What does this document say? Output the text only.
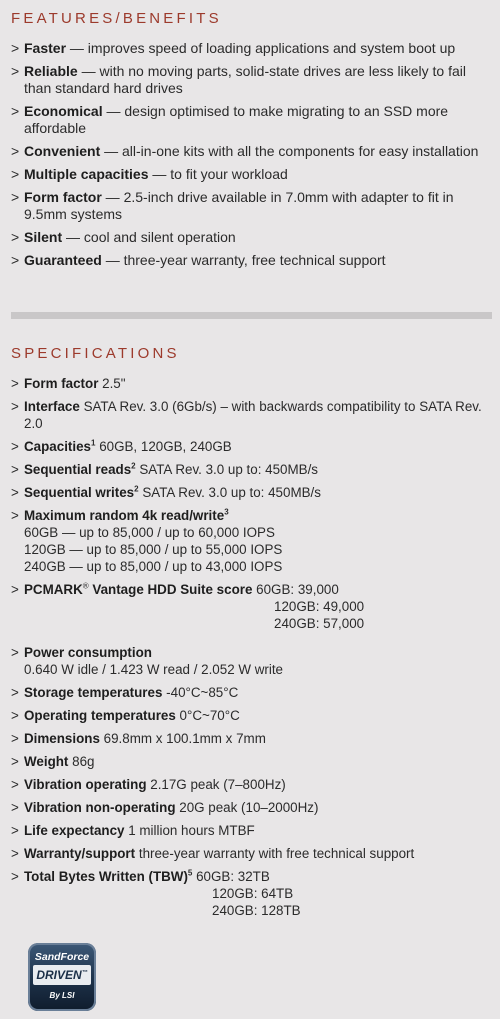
FEATURES/BENEFITS
> Faster — improves speed of loading applications and system boot up
> Reliable — with no moving parts, solid-state drives are less likely to fail than standard hard drives
> Economical — design optimised to make migrating to an SSD more affordable
> Convenient — all-in-one kits with all the components for easy installation
> Multiple capacities — to fit your workload
> Form factor — 2.5-inch drive available in 7.0mm with adapter to fit in 9.5mm systems
> Silent — cool and silent operation
> Guaranteed — three-year warranty, free technical support
SPECIFICATIONS
> Form factor 2.5"
> Interface SATA Rev. 3.0 (6Gb/s) – with backwards compatibility to SATA Rev. 2.0
> Capacities$^1$ 60GB, 120GB, 240GB
> Sequential reads$^2$ SATA Rev. 3.0 up to: 450MB/s
> Sequential writes$^2$ SATA Rev. 3.0 up to: 450MB/s
> Maximum random 4k read/write$^3$
60GB — up to 85,000 / up to 60,000 IOPS
120GB — up to 85,000 / up to 55,000 IOPS
240GB — up to 85,000 / up to 43,000 IOPS
> PCMARK® Vantage HDD Suite score 60GB: 39,000
120GB: 49,000
240GB: 57,000
> Power consumption
0.640 W idle / 1.423 W read / 2.052 W write
> Storage temperatures -40°C~85°C
> Operating temperatures 0°C~70°C
> Dimensions 69.8mm x 100.1mm x 7mm
> Weight 86g
> Vibration operating 2.17G peak (7–800Hz)
> Vibration non-operating 20G peak (10–2000Hz)
> Life expectancy 1 million hours MTBF
> Warranty/support three-year warranty with free technical support
> Total Bytes Written (TBW)$^5$ 60GB: 32TB
120GB: 64TB
240GB: 128TB
SandForce
DRIVEN™
By LSI
